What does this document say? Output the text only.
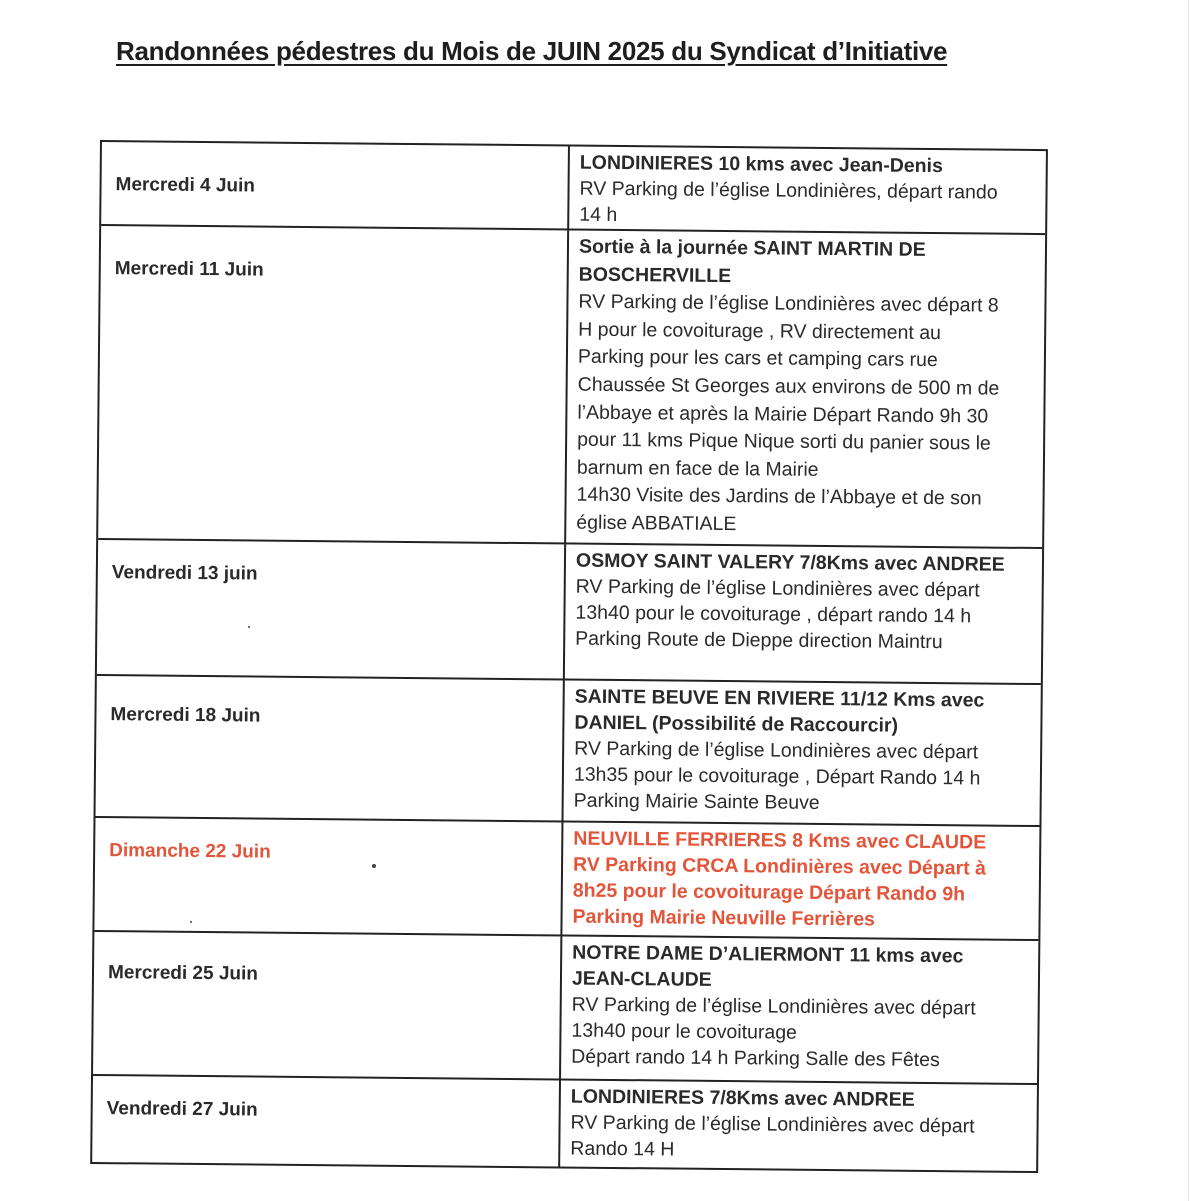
Randonnées pédestres du Mois de JUIN 2025 du Syndicat d’Initiative
Mercredi 4 Juin
LONDINIERES 10 kms avec Jean-Denis
RV Parking de l’église Londinières, départ rando
14 h
Mercredi 11 Juin
Sortie à la journée SAINT MARTIN DE
BOSCHERVILLE
RV Parking de l’église Londinières avec départ 8
H pour le covoiturage , RV directement au
Parking pour les cars et camping cars rue
Chaussée St Georges aux environs de 500 m de
l’Abbaye et après la Mairie Départ Rando 9h 30
pour 11 kms Pique Nique sorti du panier sous le
barnum en face de la Mairie
14h30 Visite des Jardins de l’Abbaye et de son
église ABBATIALE
Vendredi 13 juin	OSMOY SAINT VALERY 7/8Kms avec ANDREE
RV Parking de l’église Londinières avec départ
13h40 pour le covoiturage , départ rando 14 h
Parking Route de Dieppe direction Maintru
Mercredi 18 Juin
SAINTE BEUVE EN RIVIERE 11/12 Kms avec
DANIEL (Possibilité de Raccourcir)
RV Parking de l’église Londinières avec départ
13h35 pour le covoiturage , Départ Rando 14 h
Parking Mairie Sainte Beuve
Dimanche 22 Juin	NEUVILLE FERRIERES 8 Kms avec CLAUDE
RV Parking CRCA Londinières avec Départ à
8h25 pour le covoiturage Départ Rando 9h
Parking Mairie Neuville Ferrières
Mercredi 25 Juin
NOTRE DAME D’ALIERMONT 11 kms avec
JEAN-CLAUDE
RV Parking de l’église Londinières avec départ
13h40 pour le covoiturage
Départ rando 14 h Parking Salle des Fêtes
Vendredi 27 Juin	LONDINIERES 7/8Kms avec ANDREE
RV Parking de l’église Londinières avec départ
Rando 14 H
